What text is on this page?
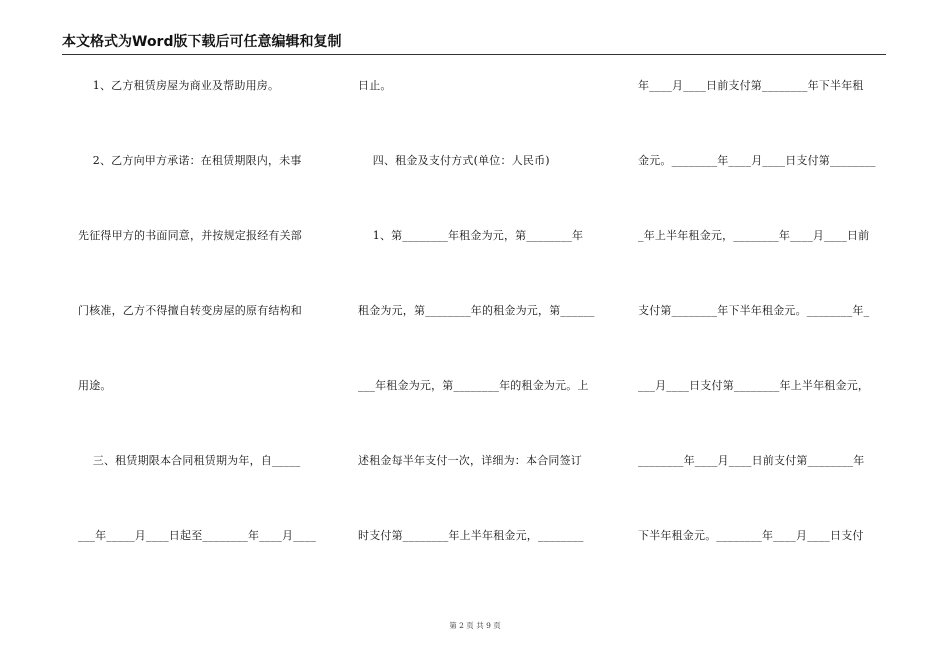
本文格式为Word版下载后可任意编辑和复制
1、乙方租赁房屋为商业及帮助用房。
2、乙方向甲方承诺：在租赁期限内，未事
先征得甲方的书面同意，并按规定报经有关部
门核准，乙方不得擅自转变房屋的原有结构和
用途。
三、租赁期限本合同租赁期为年，自_____
___年_____月____日起至________年____月____
日止。
四、租金及支付方式(单位：人民币)
1、第________年租金为元，第________年
租金为元，第________年的租金为元，第______
___年租金为元，第________年的租金为元。上
述租金每半年支付一次，详细为：本合同签订
时支付第________年上半年租金元，________
年____月____日前支付第________年下半年租
金元。________年____月____日支付第________
_年上半年租金元，________年____月____日前
支付第________年下半年租金元。________年_
___月____日支付第________年上半年租金元，
________年____月____日前支付第________年
下半年租金元。________年____月____日支付
第 2 页 共 9 页
